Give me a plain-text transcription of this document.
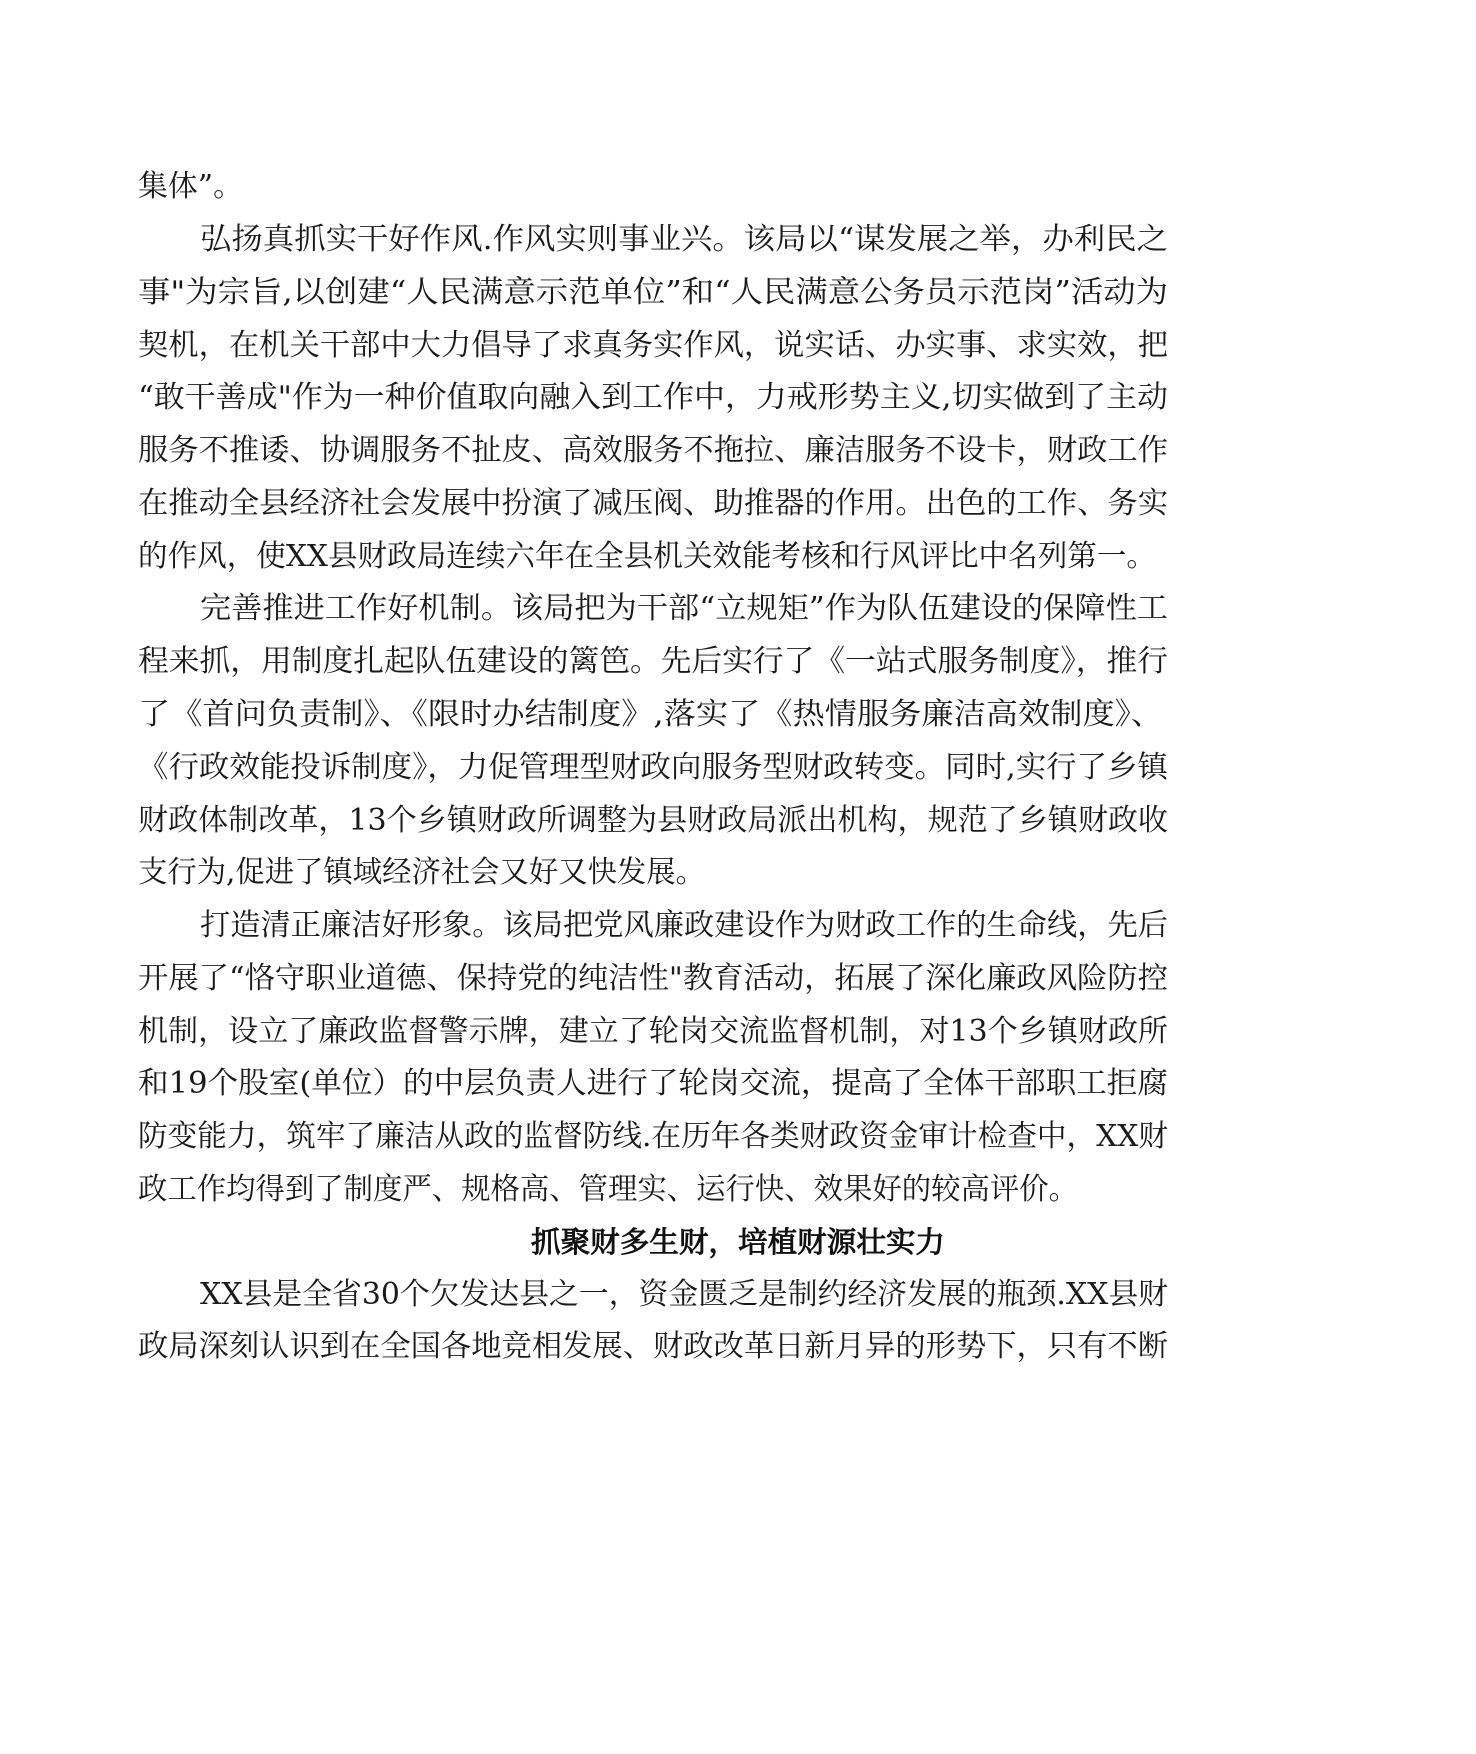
集体”。
弘扬真抓实干好作风.作风实则事业兴。该局以“谋发展之举，办利民之
事"为宗旨,以创建“人民满意示范单位”和“人民满意公务员示范岗”活动为
契机，在机关干部中大力倡导了求真务实作风，说实话、办实事、求实效，把
“敢干善成"作为一种价值取向融入到工作中，力戒形势主义,切实做到了主动
服务不推诿、协调服务不扯皮、高效服务不拖拉、廉洁服务不设卡，财政工作
在推动全县经济社会发展中扮演了减压阀、助推器的作用。出色的工作、务实
的作风，使XX县财政局连续六年在全县机关效能考核和行风评比中名列第一。
完善推进工作好机制。该局把为干部“立规矩”作为队伍建设的保障性工
程来抓，用制度扎起队伍建设的篱笆。先后实行了《一站式服务制度》，推行
了《首问负责制》、《限时办结制度》,落实了《热情服务廉洁高效制度》、
《行政效能投诉制度》，力促管理型财政向服务型财政转变。同时,实行了乡镇
财政体制改革，13个乡镇财政所调整为县财政局派出机构，规范了乡镇财政收
支行为,促进了镇域经济社会又好又快发展。
打造清正廉洁好形象。该局把党风廉政建设作为财政工作的生命线，先后
开展了“恪守职业道德、保持党的纯洁性"教育活动，拓展了深化廉政风险防控
机制，设立了廉政监督警示牌，建立了轮岗交流监督机制，对13个乡镇财政所
和19个股室(单位）的中层负责人进行了轮岗交流，提高了全体干部职工拒腐
防变能力，筑牢了廉洁从政的监督防线.在历年各类财政资金审计检查中，XX财
政工作均得到了制度严、规格高、管理实、运行快、效果好的较高评价。
抓聚财多生财，培植财源壮实力
XX县是全省30个欠发达县之一，资金匮乏是制约经济发展的瓶颈.XX县财
政局深刻认识到在全国各地竞相发展、财政改革日新月异的形势下，只有不断
